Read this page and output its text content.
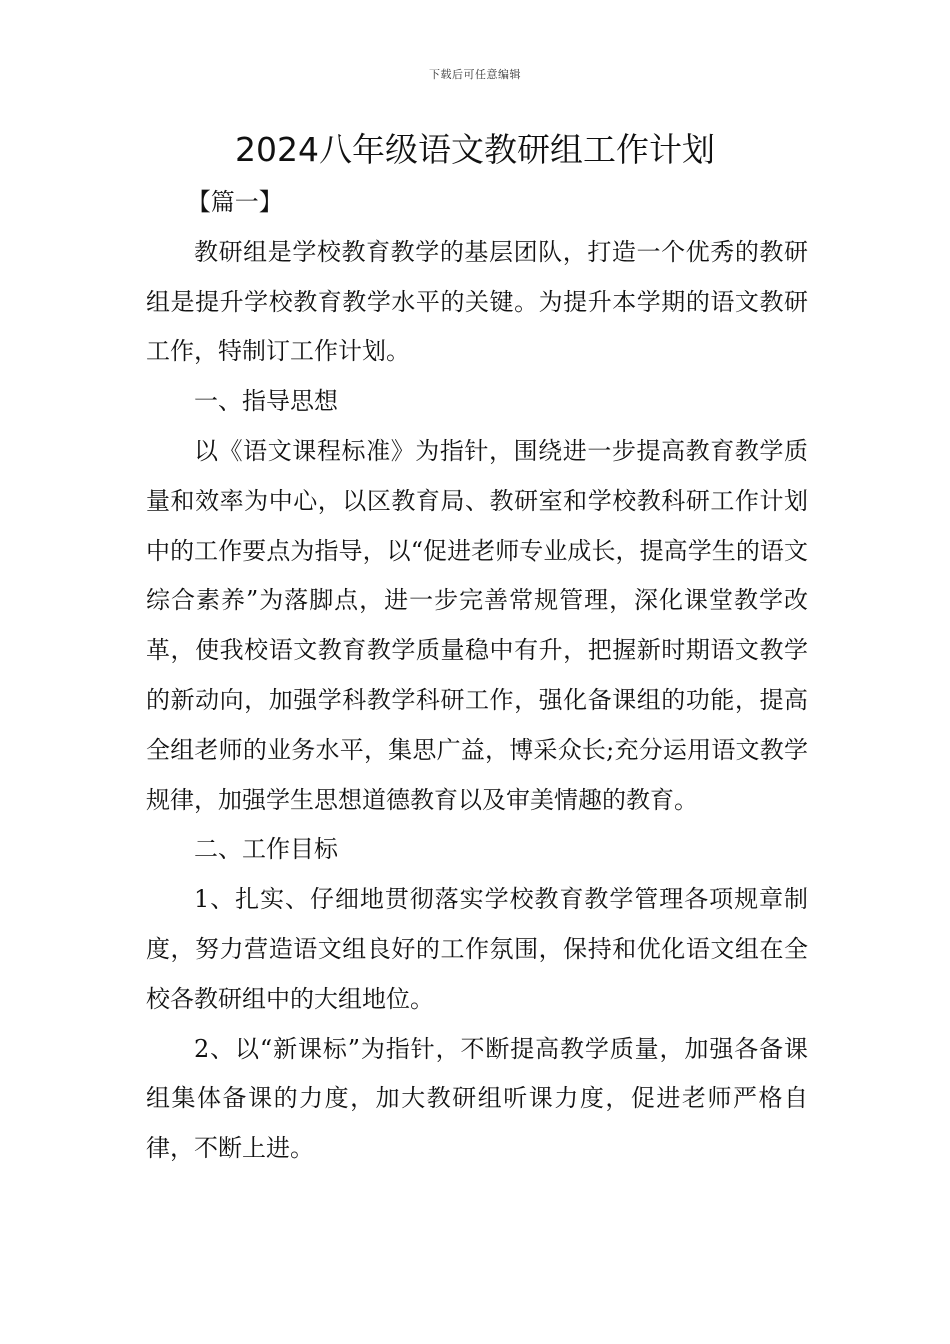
下载后可任意编辑
2024八年级语文教研组工作计划

【篇一】

教研组是学校教育教学的基层团队，打造一个优秀的教研组是提升学校教育教学水平的关键。为提升本学期的语文教研工作，特制订工作计划。

一、指导思想

以《语文课程标准》为指针，围绕进一步提高教育教学质量和效率为中心，以区教育局、教研室和学校教科研工作计划中的工作要点为指导，以“促进老师专业成长，提高学生的语文综合素养”为落脚点，进一步完善常规管理，深化课堂教学改革，使我校语文教育教学质量稳中有升，把握新时期语文教学的新动向，加强学科教学科研工作，强化备课组的功能，提高全组老师的业务水平，集思广益，博采众长;充分运用语文教学规律，加强学生思想道德教育以及审美情趣的教育。

二、工作目标

1、扎实、仔细地贯彻落实学校教育教学管理各项规章制度，努力营造语文组良好的工作氛围，保持和优化语文组在全校各教研组中的大组地位。

2、以“新课标”为指针，不断提高教学质量，加强各备课组集体备课的力度，加大教研组听课力度，促进老师严格自律，不断上进。
